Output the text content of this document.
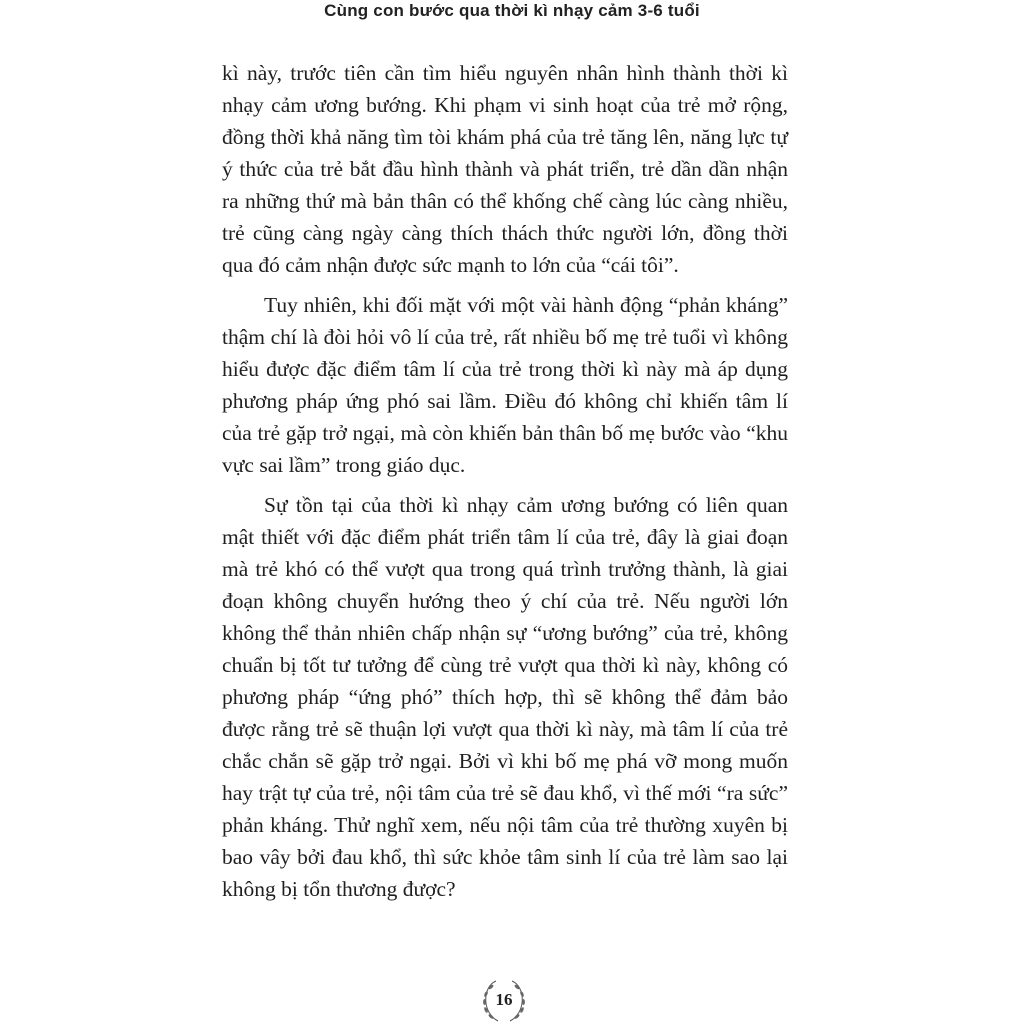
Cùng con bước qua thời kì nhạy cảm 3-6 tuổi

kì này, trước tiên cần tìm hiểu nguyên nhân hình thành thời kì nhạy cảm ương bướng. Khi phạm vi sinh hoạt của trẻ mở rộng, đồng thời khả năng tìm tòi khám phá của trẻ tăng lên, năng lực tự ý thức của trẻ bắt đầu hình thành và phát triển, trẻ dần dần nhận ra những thứ mà bản thân có thể khống chế càng lúc càng nhiều, trẻ cũng càng ngày càng thích thách thức người lớn, đồng thời qua đó cảm nhận được sức mạnh to lớn của “cái tôi”.

Tuy nhiên, khi đối mặt với một vài hành động “phản kháng” thậm chí là đòi hỏi vô lí của trẻ, rất nhiều bố mẹ trẻ tuổi vì không hiểu được đặc điểm tâm lí của trẻ trong thời kì này mà áp dụng phương pháp ứng phó sai lầm. Điều đó không chỉ khiến tâm lí của trẻ gặp trở ngại, mà còn khiến bản thân bố mẹ bước vào “khu vực sai lầm” trong giáo dục.

Sự tồn tại của thời kì nhạy cảm ương bướng có liên quan mật thiết với đặc điểm phát triển tâm lí của trẻ, đây là giai đoạn mà trẻ khó có thể vượt qua trong quá trình trưởng thành, là giai đoạn không chuyển hướng theo ý chí của trẻ. Nếu người lớn không thể thản nhiên chấp nhận sự “ương bướng” của trẻ, không chuẩn bị tốt tư tưởng để cùng trẻ vượt qua thời kì này, không có phương pháp “ứng phó” thích hợp, thì sẽ không thể đảm bảo được rằng trẻ sẽ thuận lợi vượt qua thời kì này, mà tâm lí của trẻ chắc chắn sẽ gặp trở ngại. Bởi vì khi bố mẹ phá vỡ mong muốn hay trật tự của trẻ, nội tâm của trẻ sẽ đau khổ, vì thế mới “ra sức” phản kháng. Thử nghĩ xem, nếu nội tâm của trẻ thường xuyên bị bao vây bởi đau khổ, thì sức khỏe tâm sinh lí của trẻ làm sao lại không bị tổn thương được?

16
